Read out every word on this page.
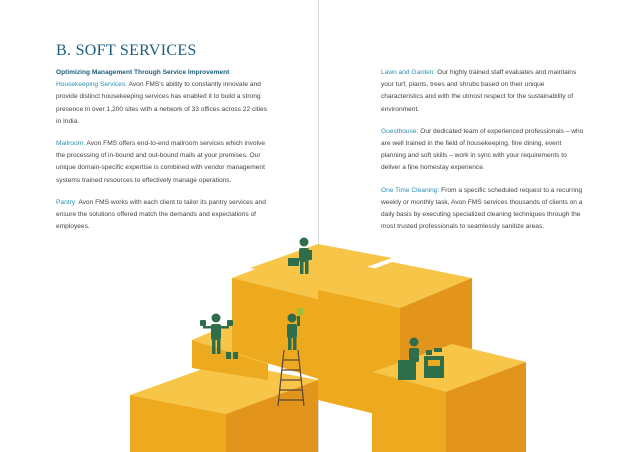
B. SOFT SERVICES

Optimizing Management Through Service Improvement
Housekeeping Services: Avon FMS's ability to constantly innovate and provide distinct housekeeping services has enabled it to build a strong presence in over 1,200 sites with a network of 33 offices across 22 cities in India.

Mailroom: Avon FMS offers end-to-end mailroom services which involve the processing of in-bound and out-bound mails at your premises. Our unique domain-specific expertise is combined with vendor management systems trained resources to effectively manage operations.

Pantry: Avon FMS works with each client to tailor its pantry services and ensure the solutions offered match the demands and expectations of employees.

Lawn and Garden: Our highly trained staff evaluates and maintains your turf, plants, trees and shrubs based on their unique characteristics and with the utmost respect for the sustainability of environment.

Guesthouse: Our dedicated team of experienced professionals – who are well trained in the field of housekeeping, fine dining, event planning and soft skills – work in sync with your requirements to deliver a fine homestay experience.

One Time Cleaning: From a specific scheduled request to a recurring weekly or monthly task, Avon FMS services thousands of clients on a daily basis by executing specialized cleaning techniques through the most trusted professionals to seamlessly sanitize areas.
